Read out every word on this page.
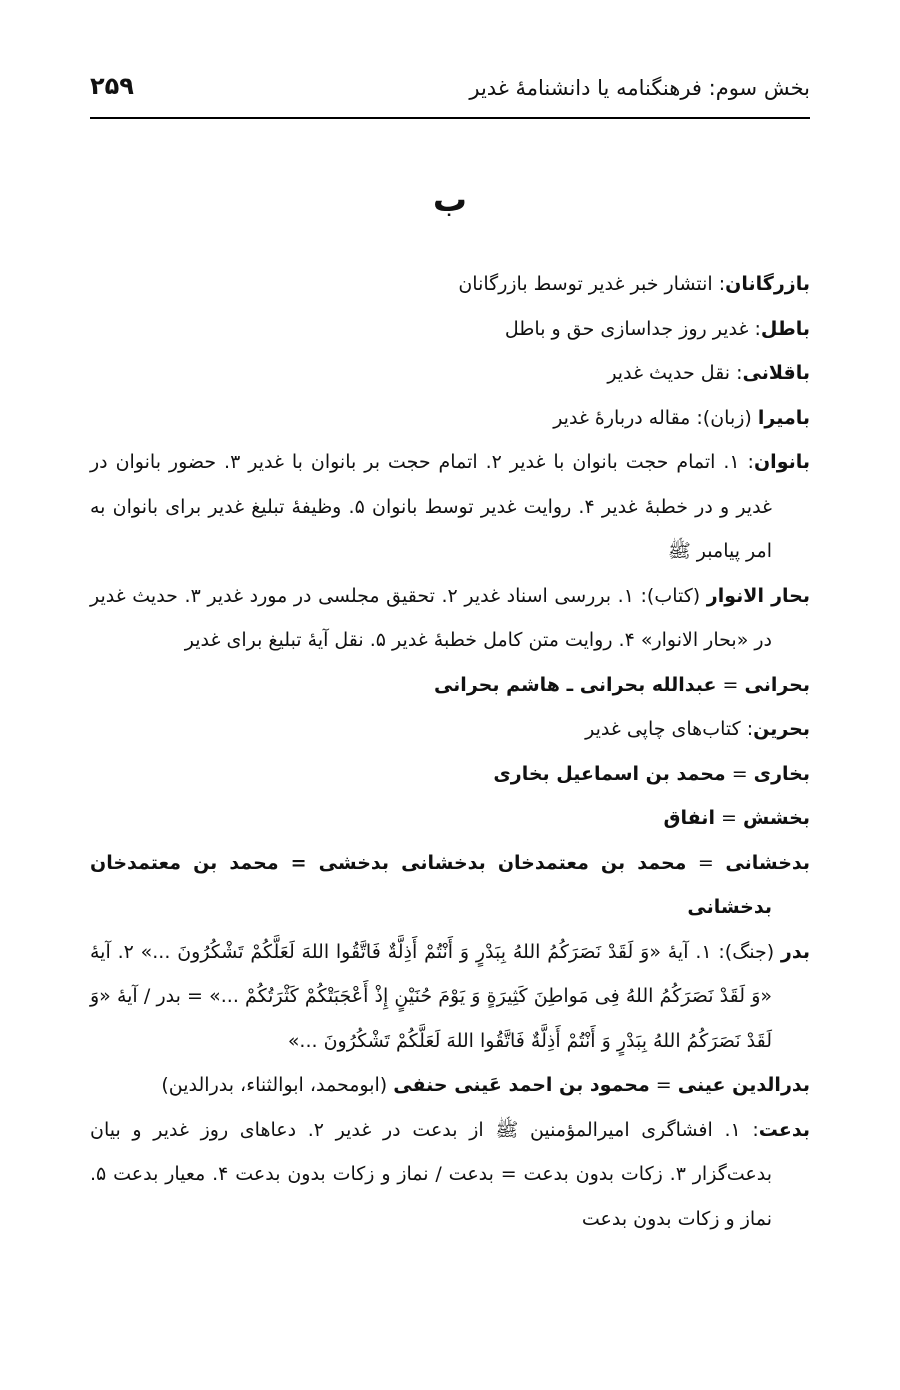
بخش سوم: فرهنگنامه یا دانشنامهٔ غدیر
۲۵۹
ب

بازرگانان: انتشار خبر غدیر توسط بازرگانان

باطل: غدیر روز جداسازی حق و باطل

باقلانی: نقل حدیث غدیر

بامیرا (زبان): مقاله دربارهٔ غدیر

بانوان: ۱. اتمام حجت بانوان با غدیر ۲. اتمام حجت بر بانوان با غدیر ۳. حضور بانوان در غدیر و در خطبهٔ غدیر ۴. روایت غدیر توسط بانوان ۵. وظیفهٔ تبلیغ غدیر برای بانوان به امر پیامبر ﷺ

بحار الانوار (کتاب): ۱. بررسی اسناد غدیر ۲. تحقیق مجلسی در مورد غدیر ۳. حدیث غدیر در «بحار الانوار» ۴. روایت متن کامل خطبهٔ غدیر ۵. نقل آیهٔ تبلیغ برای غدیر

بحرانی = عبدالله بحرانی ـ هاشم بحرانی

بحرین: کتاب‌های چاپی غدیر

بخاری = محمد بن اسماعیل بخاری

بخشش = انفاق

بدخشانی = محمد بن معتمدخان بدخشانی بدخشی = محمد بن معتمدخان بدخشانی

بدر (جنگ): ۱. آیهٔ «وَ لَقَدْ نَصَرَکُمُ اللهُ بِبَدْرٍ وَ أَنْتُمْ أَذِلَّةٌ فَاتَّقُوا اللهَ لَعَلَّکُمْ تَشْکُرُونَ ...» ۲. آیهٔ «وَ لَقَدْ نَصَرَکُمُ اللهُ فِی مَواطِنَ کَثِیرَةٍ وَ یَوْمَ حُنَیْنٍ إِذْ أَعْجَبَتْکُمْ کَثْرَتُکُمْ ...» = بدر / آیهٔ «وَ لَقَدْ نَصَرَکُمُ اللهُ بِبَدْرٍ وَ أَنْتُمْ أَذِلَّةٌ فَاتَّقُوا اللهَ لَعَلَّکُمْ تَشْکُرُونَ ...»

بدرالدین عینی = محمود بن احمد عَینی حنفی (ابومحمد، ابوالثناء، بدرالدین)

بدعت: ۱. افشاگری امیرالمؤمنین ﷺ از بدعت در غدیر ۲. دعاهای روز غدیر و بیان بدعت‌گزار ۳. زکات بدون بدعت = بدعت / نماز و زکات بدون بدعت ۴. معیار بدعت ۵. نماز و زکات بدون بدعت
